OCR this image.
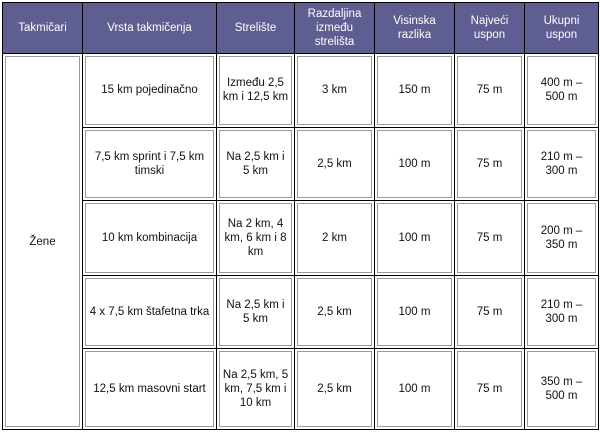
Takmičari	Vrsta takmičenja	Strelište	Razdaljina između strelišta	Visinska razlika	Najveći uspon	Ukupni uspon
Žene	15 km pojedinačno	Između 2,5 km i 12,5 km	3 km	150 m	75 m	400 m – 500 m
	7,5 km sprint i 7,5 km timski	Na 2,5 km i 5 km	2,5 km	100 m	75 m	210 m – 300 m
	10 km kombinacija	Na 2 km, 4 km, 6 km i 8 km	2 km	100 m	75 m	200 m – 350 m
	4 x 7,5 km štafetna trka	Na 2,5 km i 5 km	2,5 km	100 m	75 m	210 m – 300 m
	12,5 km masovni start	Na 2,5 km, 5 km, 7,5 km i 10 km	2,5 km	100 m	75 m	350 m – 500 m
